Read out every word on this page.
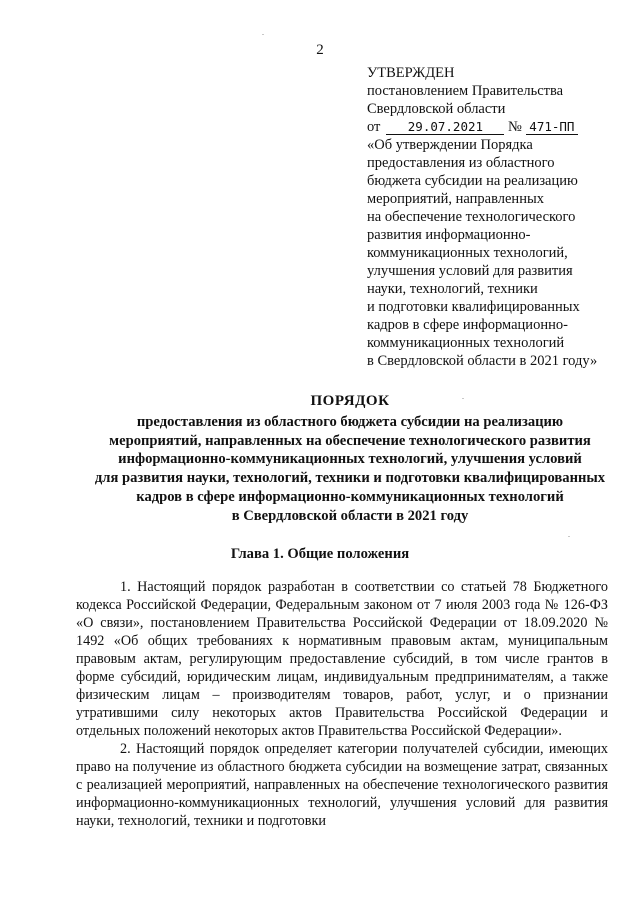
2
УТВЕРЖДЕН
постановлением Правительства
Свердловской области
от 29.07.2021 № 471-ПП
«Об утверждении Порядка
предоставления из областного
бюджета субсидии на реализацию
мероприятий, направленных
на обеспечение технологического
развития информационно-
коммуникационных технологий,
улучшения условий для развития
науки, технологий, техники
и подготовки квалифицированных
кадров в сфере информационно-
коммуникационных технологий
в Свердловской области в 2021 году»
ПОРЯДОК
предоставления из областного бюджета субсидии на реализацию
мероприятий, направленных на обеспечение технологического развития
информационно-коммуникационных технологий, улучшения условий
для развития науки, технологий, техники и подготовки квалифицированных
кадров в сфере информационно-коммуникационных технологий
в Свердловской области в 2021 году
Глава 1. Общие положения

1. Настоящий порядок разработан в соответствии со статьей 78 Бюджетного кодекса Российской Федерации, Федеральным законом от 7 июля 2003 года № 126-ФЗ «О связи», постановлением Правительства Российской Федерации от 18.09.2020 № 1492 «Об общих требованиях к нормативным правовым актам, муниципальным правовым актам, регулирующим предоставление субсидий, в том числе грантов в форме субсидий, юридическим лицам, индивидуальным предпринимателям, а также физическим лицам – производителям товаров, работ, услуг, и о признании утратившими силу некоторых актов Правительства Российской Федерации и отдельных положений некоторых актов Правительства Российской Федерации».

2. Настоящий порядок определяет категории получателей субсидии, имеющих право на получение из областного бюджета субсидии на возмещение затрат, связанных с реализацией мероприятий, направленных на обеспечение технологического развития информационно-коммуникационных технологий, улучшения условий для развития науки, технологий, техники и подготовки
